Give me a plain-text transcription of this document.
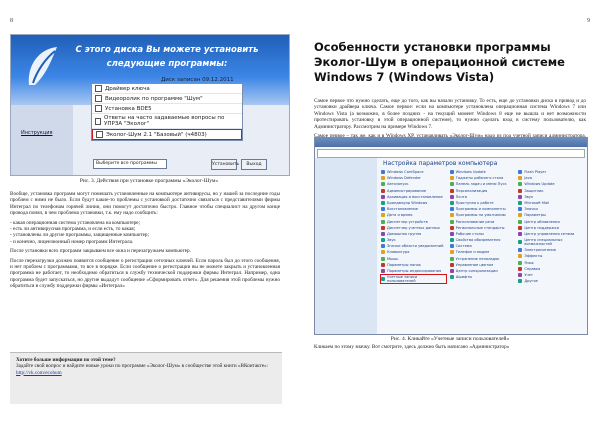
8
С этого диска Вы можете установить
следующие программы:
Инструкция
Диск записан 09.12.2011
Драйвер ключа
Видеоролик по программе "Шум"
Установка BDE5
Ответы на часто задаваемые вопросы по УПРЗА "Эколог"
Эколог-Шум 2.1 "Базовый" (ч4803)
Выберите все программы	Установить	Выход
Рис. 3. Действия при установке программы «Эколог-Шум»

Вообще, установка программ могут помешать установленные на компьютере антивирусы, но у нашей за последние годы проблем с ними не было. Если будут какие-то проблемы с установкой достаточно связаться с представителями фирмы Интеграл по телефонам горячей линии, они помогут достаточно быстро. Главное чтобы специалист на другом конце провода понял, в чем проблема установки, т.к. ему надо сообщить:

- какая операционная система установлена на компьютере;
- есть ли антивирусная программа, и если есть, то какая;
- установлены ли другие программы, защищенные компьютер;
- и конечно, лицензионный номер программ Интеграла.

После установки всех программ закрываем все окна и перезагружаем компьютер.

После перезагрузки должно появится сообщение о регистрации сеточных ключей. Если пароль был до этого сообщения, и нет проблем с программами, то все в порядке. Если сообщение о регистрации вы не можете закрыть и установленная программа не работает, то необходимо обратиться в службу технической поддержки фирмы Интеграл. Например, одна программа будет запускаться, но другие выдадут сообщение «Сформировать отчет». Для решения этой проблемы нужно обратиться в службу поддержки фирмы «Интеграл»

Хотите больше информации по этой теме?
Задайте свой вопрос и найдите новые уроки по программе «Эколог-Шум» в сообществе этой книги «ВКонтакте»:
http://vk.com/ecohum
9
Особенности установки программы Эколог-Шум в операционной системе Windows 7 (Windows Vista)

Самое первое что нужно сделать, еще до того, как вы начали установку. То есть, еще до установки диска в привод и до установки драйвера ключа. Самое первое: если на компьютере установлена операционная система Windows 7 или Windows Vista (а возможно, в более поздних - на текущий момент Windows 8 еще не вышла и нет возможности протестировать установку в этой операционной системе), то нужно сделать вход в систему пользователю, как Администратору. Рассмотрим на примере Windows 7.

Настройка параметров компьютера
Windows CardSpace
Windows Defender
Автозапуск
Администрирование
Архивация и восстановление
Брандмауэр Windows
Восстановление
Дата и время
Диспетчер устройств
Диспетчер учетных данных
Домашняя группа
Звук
Значки области уведомлений
Клавиатура
Мышь
Параметры папок
Параметры индексирования
Учетные записи пользователей
Windows Update
Гаджеты рабочего стола
Панель задач и меню Пуск
Персонализация
Почта
Приступая к работе
Программы и компоненты
Программы по умолчанию
Распознавание речи
Региональные стандарты
Рабочие столы
Свойства обозревателя
Система
Телефон и модем
Устранение неполадок
Управление цветом
Центр синхронизации
Шрифты
Flash Player
Java
Windows Update
Защитник
Звук
Microsoft Mail
Значки
Параметры
Центр обновления
Центр поддержки
Центр управления сетями
Центр специальных возможностей
Электропитание
Эффекты
Язык
Справка
Учет
Другое
Рис. 4. Кликайте «Учетные записи пользователей»
Кликаем по этому значку. Вот смотрите, здесь должно быть написано «Администратор»
